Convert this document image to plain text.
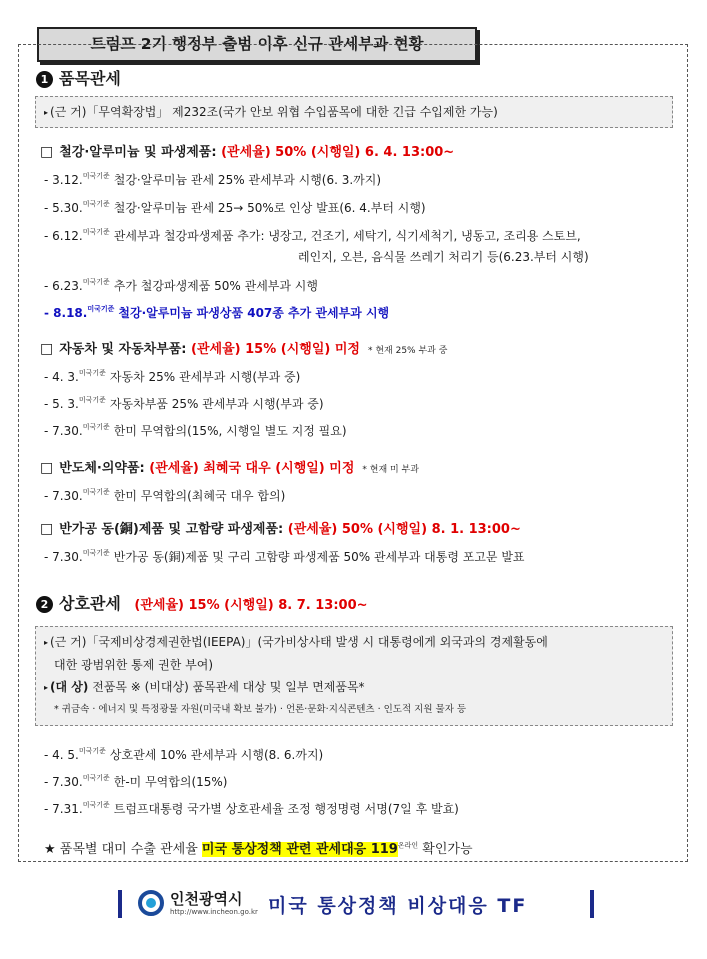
트럼프 2기 행정부 출범 이후 신규 관세부과 현황
1 품목관세
▸ (근 거)「무역확장법」 제232조(국가 안보 위협 수입품목에 대한 긴급 수입제한 가능)
□ 철강·알루미늄 및 파생제품: (관세율) 50% (시행일) 6. 4. 13:00~
- 3.12.$^{미국기준}$ 철강·알루미늄 관세 25% 관세부과 시행(6. 3.까지)
- 5.30.$^{미국기준}$ 철강·알루미늄 관세 25→ 50%로 인상 발표(6. 4.부터 시행)
- 6.12.$^{미국기준}$ 관세부과 철강파생제품 추가: 냉장고, 건조기, 세탁기, 식기세척기, 냉동고, 조리용 스토브,
레인지, 오븐, 음식물 쓰레기 처리기 등(6.23.부터 시행)
- 6.23.$^{미국기준}$ 추가 철강파생제품 50% 관세부과 시행
- 8.18.$^{미국기준}$ 철강·알루미늄 파생상품 407종 추가 관세부과 시행
□ 자동차 및 자동차부품: (관세율) 15% (시행일) 미정 * 현재 25% 부과 중
- 4. 3.$^{미국기준}$ 자동차 25% 관세부과 시행(부과 중)
- 5. 3.$^{미국기준}$ 자동차부품 25% 관세부과 시행(부과 중)
- 7.30.$^{미국기준}$ 한미 무역합의(15%, 시행일 별도 지정 필요)
□ 반도체·의약품: (관세율) 최혜국 대우 (시행일) 미정 * 현재 미 부과
- 7.30.$^{미국기준}$ 한미 무역합의(최혜국 대우 합의)
□ 반가공 동(銅)제품 및 고함량 파생제품: (관세율) 50% (시행일) 8. 1. 13:00~
- 7.30.$^{미국기준}$ 반가공 동(銅)제품 및 구리 고함량 파생제품 50% 관세부과 대통령 포고문 발표
2 상호관세 (관세율) 15% (시행일) 8. 7. 13:00~
▸ (근 거)「국제비상경제권한법(IEEPA)」(국가비상사태 발생 시 대통령에게 외국과의 경제활동에
대한 광범위한 통제 권한 부여)
▸ (대 상) 전품목 ※ (비대상) 품목관세 대상 및 일부 면제품목*
* 귀금속 · 에너지 및 특정광물 자원(미국내 확보 불가) · 언론·문화·지식콘텐츠 · 인도적 지원 물자 등
- 4. 5.$^{미국기준}$ 상호관세 10% 관세부과 시행(8. 6.까지)
- 7.30.$^{미국기준}$ 한-미 무역합의(15%)
- 7.31.$^{미국기준}$ 트럼프대통령 국가별 상호관세율 조정 행정명령 서명(7일 후 발효)
★ 품목별 대미 수출 관세율 미국 통상정책 관련 관세대응 $119^{온라인}$ 확인가능
인천광역시
http://www.incheon.go.kr 미국 통상정책 비상대응 TF
